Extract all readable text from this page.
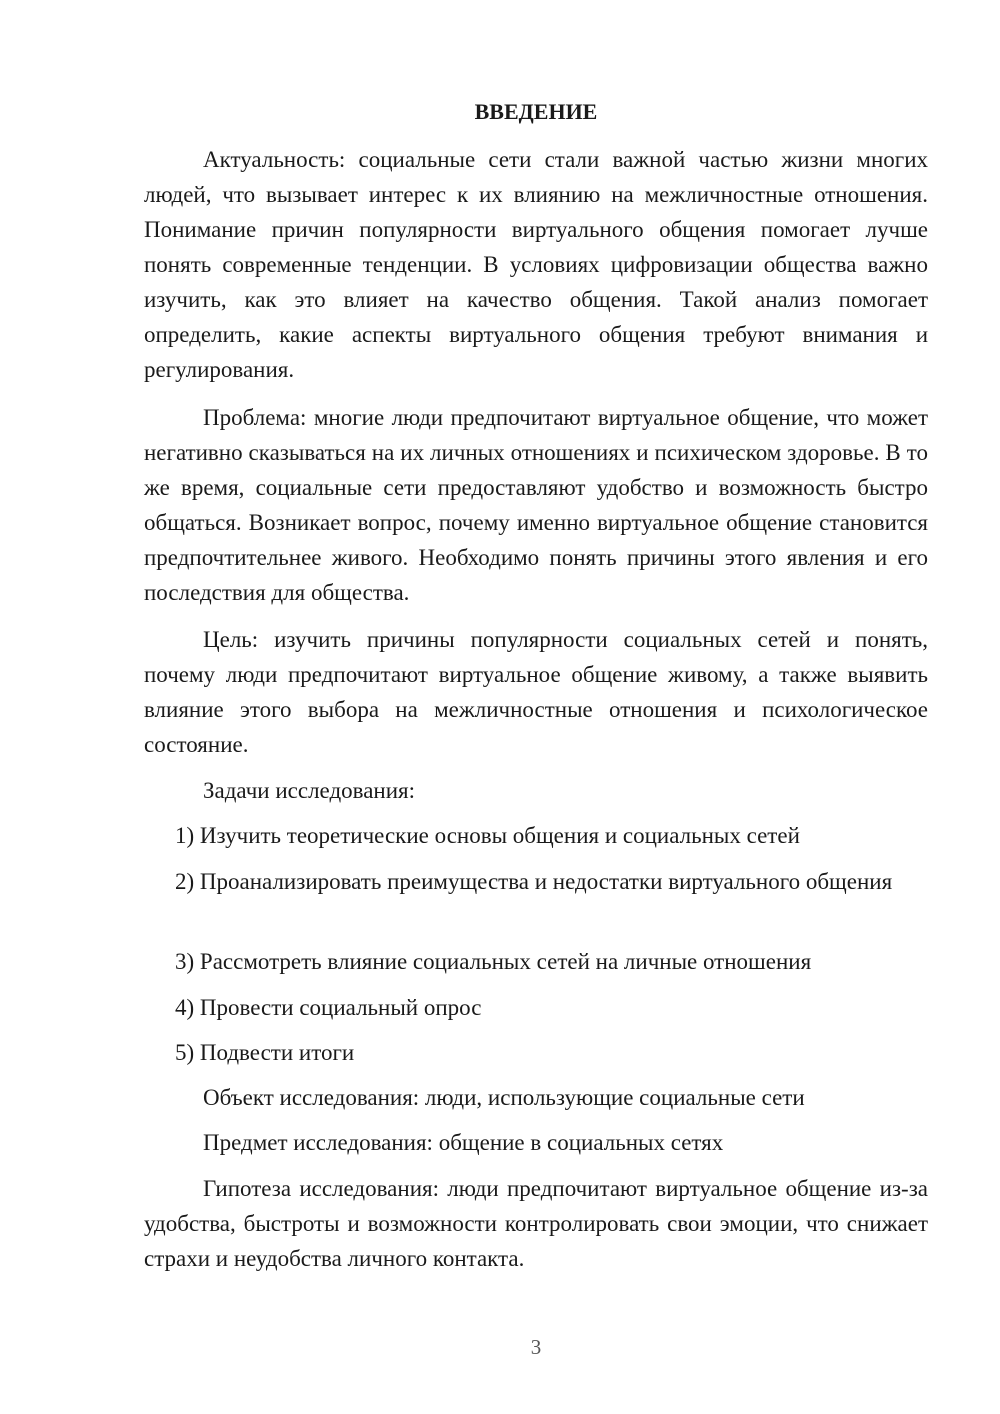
ВВЕДЕНИЕ

Актуальность: социальные сети стали важной частью жизни многих людей, что вызывает интерес к их влиянию на межличностные отношения. Понимание причин популярности виртуального общения помогает лучше понять современные тенденции. В условиях цифровизации общества важно изучить, как это влияет на качество общения. Такой анализ помогает определить, какие аспекты виртуального общения требуют внимания и регулирования.

Проблема: многие люди предпочитают виртуальное общение, что может негативно сказываться на их личных отношениях и психическом здоровье. В то же время, социальные сети предоставляют удобство и возможность быстро общаться. Возникает вопрос, почему именно виртуальное общение становится предпочтительнее живого. Необходимо понять причины этого явления и его последствия для общества.

Цель: изучить причины популярности социальных сетей и понять, почему люди предпочитают виртуальное общение живому, а также выявить влияние этого выбора на межличностные отношения и психологическое состояние.

Задачи исследования:

1) Изучить теоретические основы общения и социальных сетей

2) Проанализировать преимущества и недостатки виртуального общения

3) Рассмотреть влияние социальных сетей на личные отношения

4) Провести социальный опрос

5) Подвести итоги

Объект исследования: люди, использующие социальные сети

Предмет исследования: общение в социальных сетях

Гипотеза исследования: люди предпочитают виртуальное общение из-за удобства, быстроты и возможности контролировать свои эмоции, что снижает страхи и неудобства личного контакта.

3
